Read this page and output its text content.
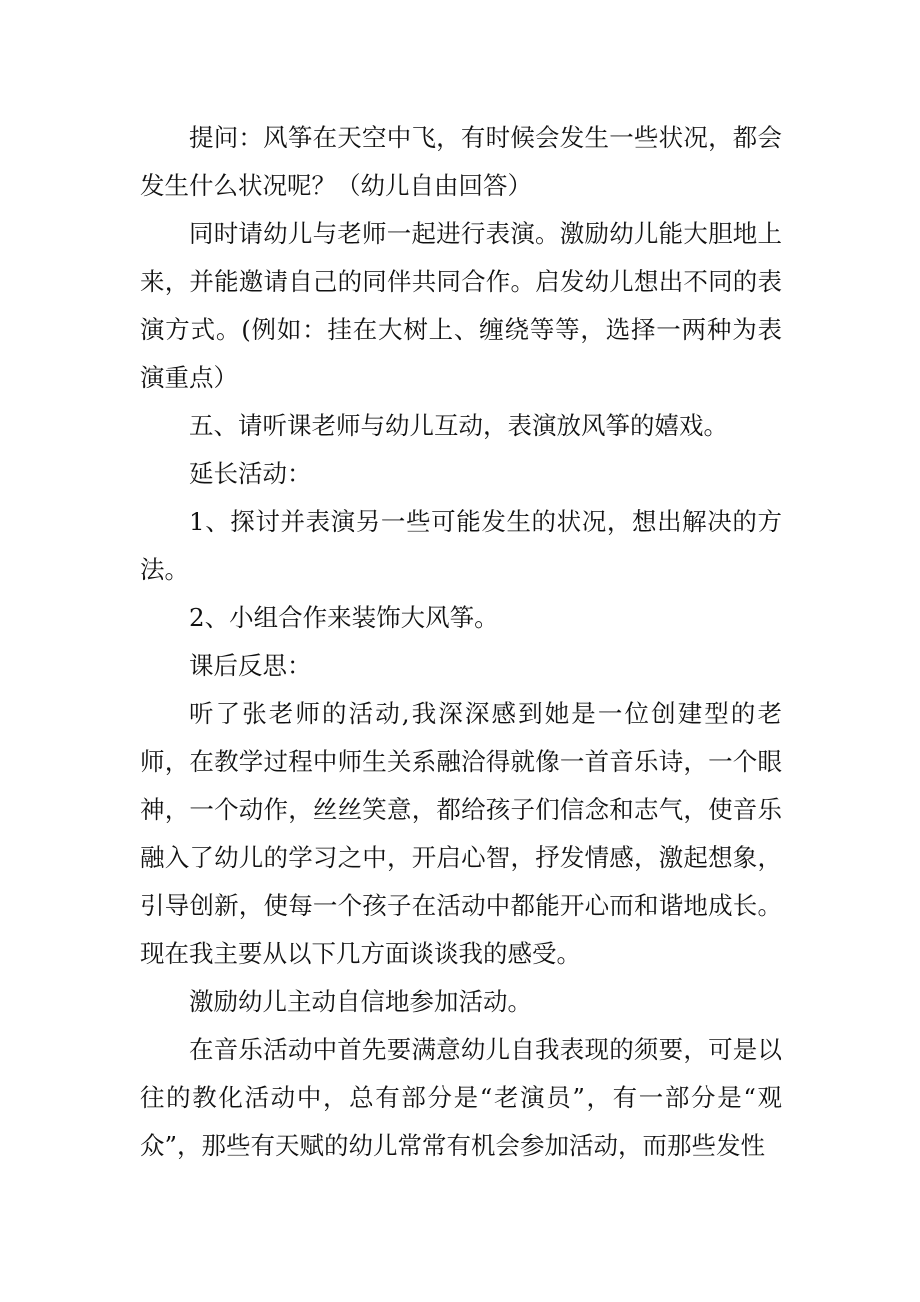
提问：风筝在天空中飞，有时候会发生一些状况，都会发生什么状况呢？（幼儿自由回答）

同时请幼儿与老师一起进行表演。激励幼儿能大胆地上来，并能邀请自己的同伴共同合作。启发幼儿想出不同的表演方式。(例如：挂在大树上、缠绕等等，选择一两种为表演重点）

五、请听课老师与幼儿互动，表演放风筝的嬉戏。

延长活动：

1、探讨并表演另一些可能发生的状况，想出解决的方法。

2、小组合作来装饰大风筝。

课后反思：

听了张老师的活动,我深深感到她是一位创建型的老师，在教学过程中师生关系融洽得就像一首音乐诗，一个眼神，一个动作，丝丝笑意，都给孩子们信念和志气，使音乐融入了幼儿的学习之中，开启心智，抒发情感，激起想象，引导创新，使每一个孩子在活动中都能开心而和谐地成长。现在我主要从以下几方面谈谈我的感受。

激励幼儿主动自信地参加活动。

在音乐活动中首先要满意幼儿自我表现的须要，可是以往的教化活动中，总有部分是“老演员”，有一部分是“观众”，那些有天赋的幼儿常常有机会参加活动，而那些发性
